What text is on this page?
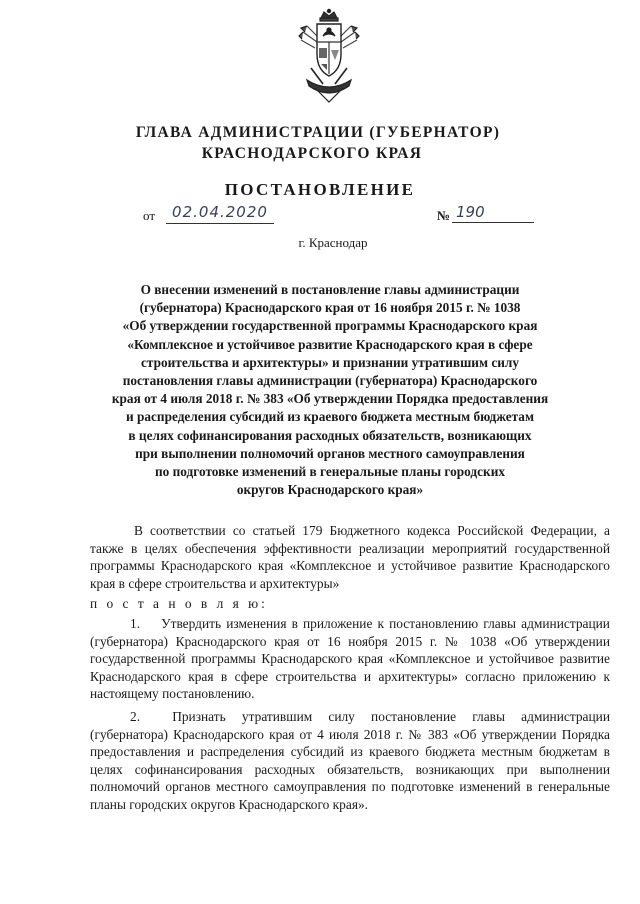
ГЛАВА АДМИНИСТРАЦИИ (ГУБЕРНАТОР)
КРАСНОДАРСКОГО КРАЯ
ПОСТАНОВЛЕНИЕ
от	02.04.2020	№ 190
г. Краснодар
О внесении изменений в постановление главы администрации
(губернатора) Краснодарского края от 16 ноября 2015 г. № 1038
«Об утверждении государственной программы Краснодарского края
«Комплексное и устойчивое развитие Краснодарского края в сфере
строительства и архитектуры» и признании утратившим силу
постановления главы администрации (губернатора) Краснодарского
края от 4 июля 2018 г. № 383 «Об утверждении Порядка предоставления
и распределения субсидий из краевого бюджета местным бюджетам
в целях софинансирования расходных обязательств, возникающих
при выполнении полномочий органов местного самоуправления
по подготовке изменений в генеральные планы городских
округов Краснодарского края»

В соответствии со статьей 179 Бюджетного кодекса Российской Федерации, а также в целях обеспечения эффективности реализации мероприятий государственной программы Краснодарского края «Комплексное и устойчивое развитие Краснодарского края в сфере строительства и архитектуры»

п о с т а н о в л я ю:

1. Утвердить изменения в приложение к постановлению главы администрации (губернатора) Краснодарского края от 16 ноября 2015 г. № 1038 «Об утверждении государственной программы Краснодарского края «Комплексное и устойчивое развитие Краснодарского края в сфере строительства и архитектуры» согласно приложению к настоящему постановлению.

2. Признать утратившим силу постановление главы администрации (губернатора) Краснодарского края от 4 июля 2018 г. № 383 «Об утверждении Порядка предоставления и распределения субсидий из краевого бюджета местным бюджетам в целях софинансирования расходных обязательств, возникающих при выполнении полномочий органов местного самоуправления по подготовке изменений в генеральные планы городских округов Краснодарского края».
